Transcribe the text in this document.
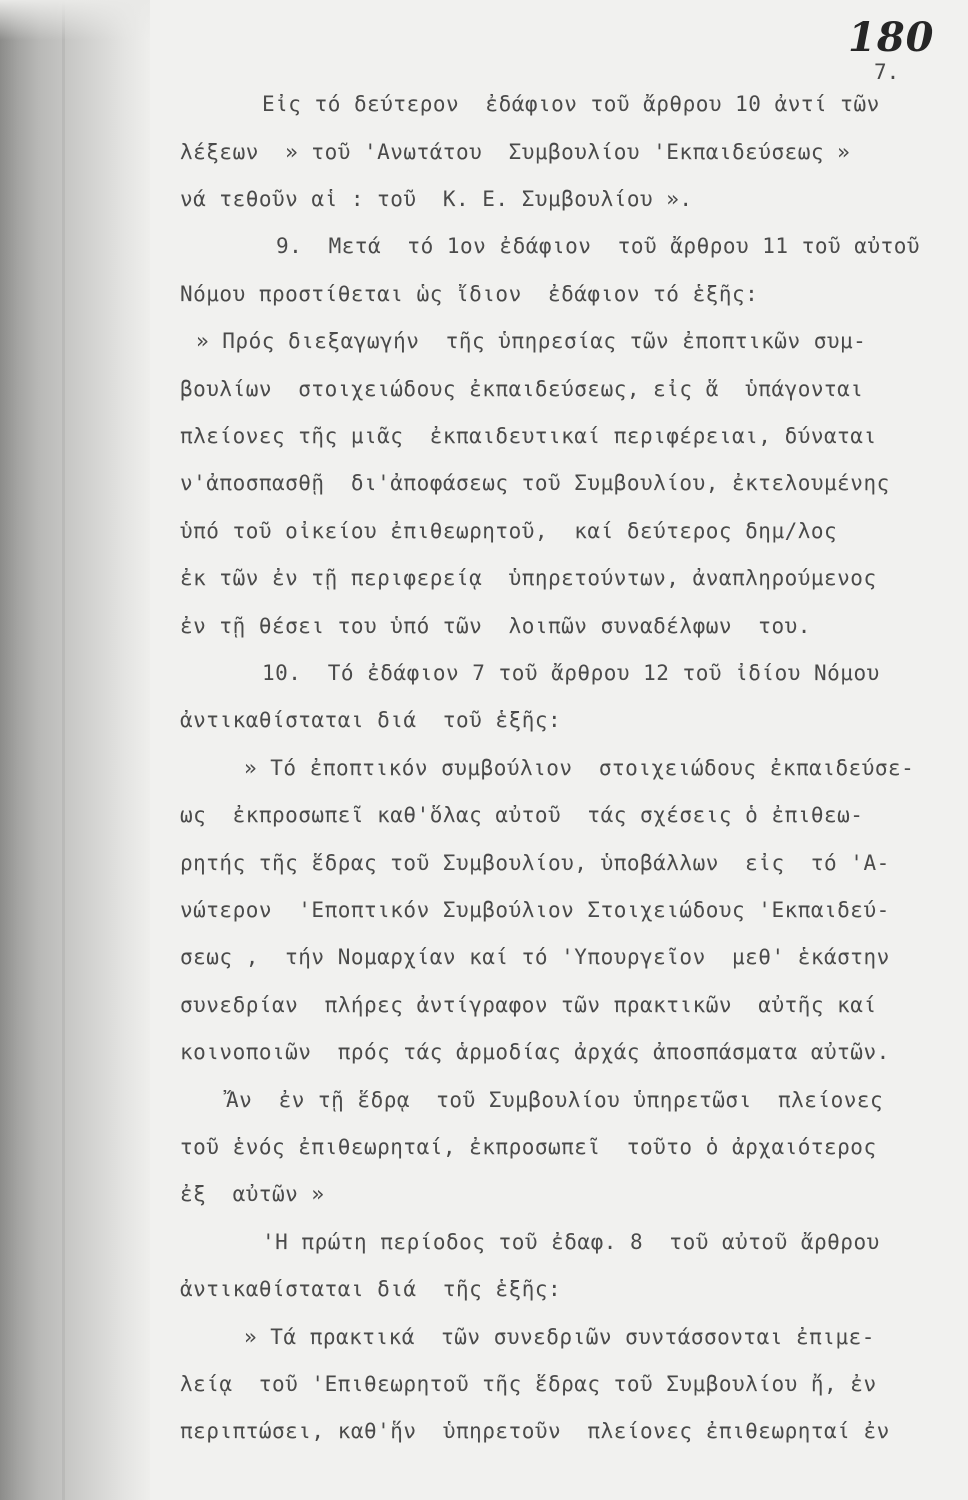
180
7.
Εἰς τό δεύτερον  ἐδάφιον τοῦ ἄρθρου 10 ἀντί τῶν
λέξεων  » τοῦ 'Ανωτάτου  Συμβουλίου 'Εκπαιδεύσεως »
νά τεθοῦν αἱ : τοῦ  Κ. Ε. Συμβουλίου ».
9.  Μετά  τό 1ον ἐδάφιον  τοῦ ἄρθρου 11 τοῦ αὐτοῦ
Νόμου προστίθεται ὡς ἴδιον  ἐδάφιον τό ἑξῆς:
» Πρός διεξαγωγήν  τῆς ὑπηρεσίας τῶν ἐποπτικῶν συμ-
βουλίων  στοιχειώδους ἐκπαιδεύσεως, εἰς ἅ  ὑπάγονται
πλείονες τῆς μιᾶς  ἐκπαιδευτικαί περιφέρειαι, δύναται
ν'ἀποσπασθῇ  δι'ἀποφάσεως τοῦ Συμβουλίου, ἐκτελουμένης
ὑπό τοῦ οἰκείου ἐπιθεωρητοῦ,  καί δεύτερος δημ/λος
ἐκ τῶν ἐν τῇ περιφερείᾳ  ὑπηρετούντων, ἀναπληρούμενος
ἐν τῇ θέσει του ὑπό τῶν  λοιπῶν συναδέλφων  του.
10.  Τό ἐδάφιον 7 τοῦ ἄρθρου 12 τοῦ ἰδίου Νόμου
ἀντικαθίσταται διά  τοῦ ἑξῆς:
» Τό ἐποπτικόν συμβούλιον  στοιχειώδους ἐκπαιδεύσε-
ως  ἐκπροσωπεῖ καθ'ὅλας αὐτοῦ  τάς σχέσεις ὁ ἐπιθεω-
ρητής τῆς ἕδρας τοῦ Συμβουλίου, ὑποβάλλων  εἰς  τό 'Α-
νώτερον  'Εποπτικόν Συμβούλιον Στοιχειώδους 'Εκπαιδεύ-
σεως ,  τήν Νομαρχίαν καί τό 'Υπουργεῖον  μεθ' ἑκάστην
συνεδρίαν  πλήρες ἀντίγραφον τῶν πρακτικῶν  αὐτῆς καί
κοινοποιῶν  πρός τάς ἁρμοδίας ἀρχάς ἀποσπάσματα αὐτῶν.
Ἄν  ἐν τῇ ἕδρᾳ  τοῦ Συμβουλίου ὑπηρετῶσι  πλείονες
τοῦ ἑνός ἐπιθεωρηταί, ἐκπροσωπεῖ  τοῦτο ὁ ἀρχαιότερος
ἐξ  αὐτῶν »
'Η πρώτη περίοδος τοῦ ἐδαφ. 8  τοῦ αὐτοῦ ἄρθρου
ἀντικαθίσταται διά  τῆς ἑξῆς:
» Τά πρακτικά  τῶν συνεδριῶν συντάσσονται ἐπιμε-
λείᾳ  τοῦ 'Επιθεωρητοῦ τῆς ἕδρας τοῦ Συμβουλίου ἤ, ἐν
περιπτώσει, καθ'ἥν  ὑπηρετοῦν  πλείονες ἐπιθεωρηταί ἐν
